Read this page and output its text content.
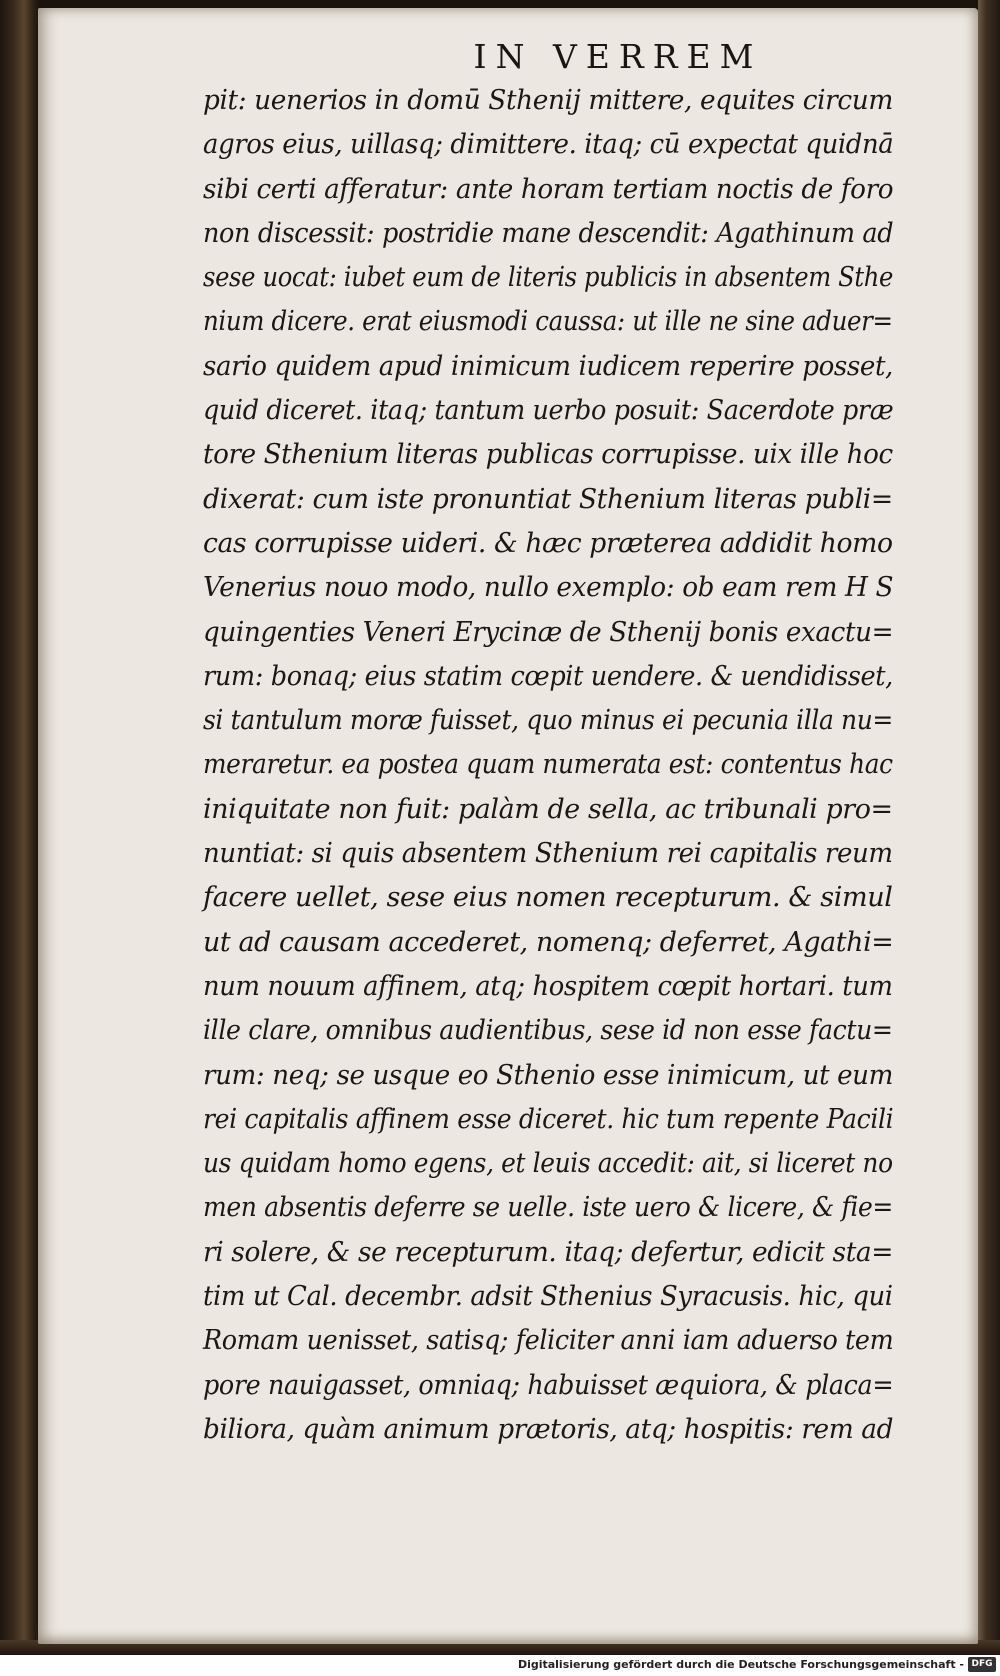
IN VERREM
pit: uenerios in domū Sthenij mittere, equites circum
agros eius, uillasq; dimittere. itaq; cū expectat quidnā
sibi certi afferatur: ante horam tertiam noctis de foro
non discessit: postridie mane descendit: Agathinum ad
sese uocat: iubet eum de literis publicis in absentem Sthe
nium dicere. erat eiusmodi caussa: ut ille ne sine aduer=
sario quidem apud inimicum iudicem reperire posset,
quid diceret. itaq; tantum uerbo posuit: Sacerdote præ
tore Sthenium literas publicas corrupisse. uix ille hoc
dixerat: cum iste pronuntiat Sthenium literas publi=
cas corrupisse uideri. & hæc præterea addidit homo
Venerius nouo modo, nullo exemplo: ob eam rem H S
quingenties Veneri Erycinæ de Sthenij bonis exactu=
rum: bonaq; eius statim cœpit uendere. & uendidisset,
si tantulum moræ fuisset, quo minus ei pecunia illa nu=
meraretur. ea postea quam numerata est: contentus hac
iniquitate non fuit: palàm de sella, ac tribunali pro=
nuntiat: si quis absentem Sthenium rei capitalis reum
facere uellet, sese eius nomen recepturum. & simul
ut ad causam accederet, nomenq; deferret, Agathi=
num nouum affinem, atq; hospitem cœpit hortari. tum
ille clare, omnibus audientibus, sese id non esse factu=
rum: neq; se usque eo Sthenio esse inimicum, ut eum
rei capitalis affinem esse diceret. hic tum repente Pacili
us quidam homo egens, et leuis accedit: ait, si liceret no
men absentis deferre se uelle. iste uero & licere, & fie=
ri solere, & se recepturum. itaq; defertur, edicit sta=
tim ut Cal. decembr. adsit Sthenius Syracusis. hic, qui
Romam uenisset, satisq; feliciter anni iam aduerso tem
pore nauigasset, omniaq; habuisset æquiora, & placa=
biliora, quàm animum prætoris, atq; hospitis: rem ad
Digitalisierung gefördert durch die Deutsche Forschungsgemeinschaft - DFG
